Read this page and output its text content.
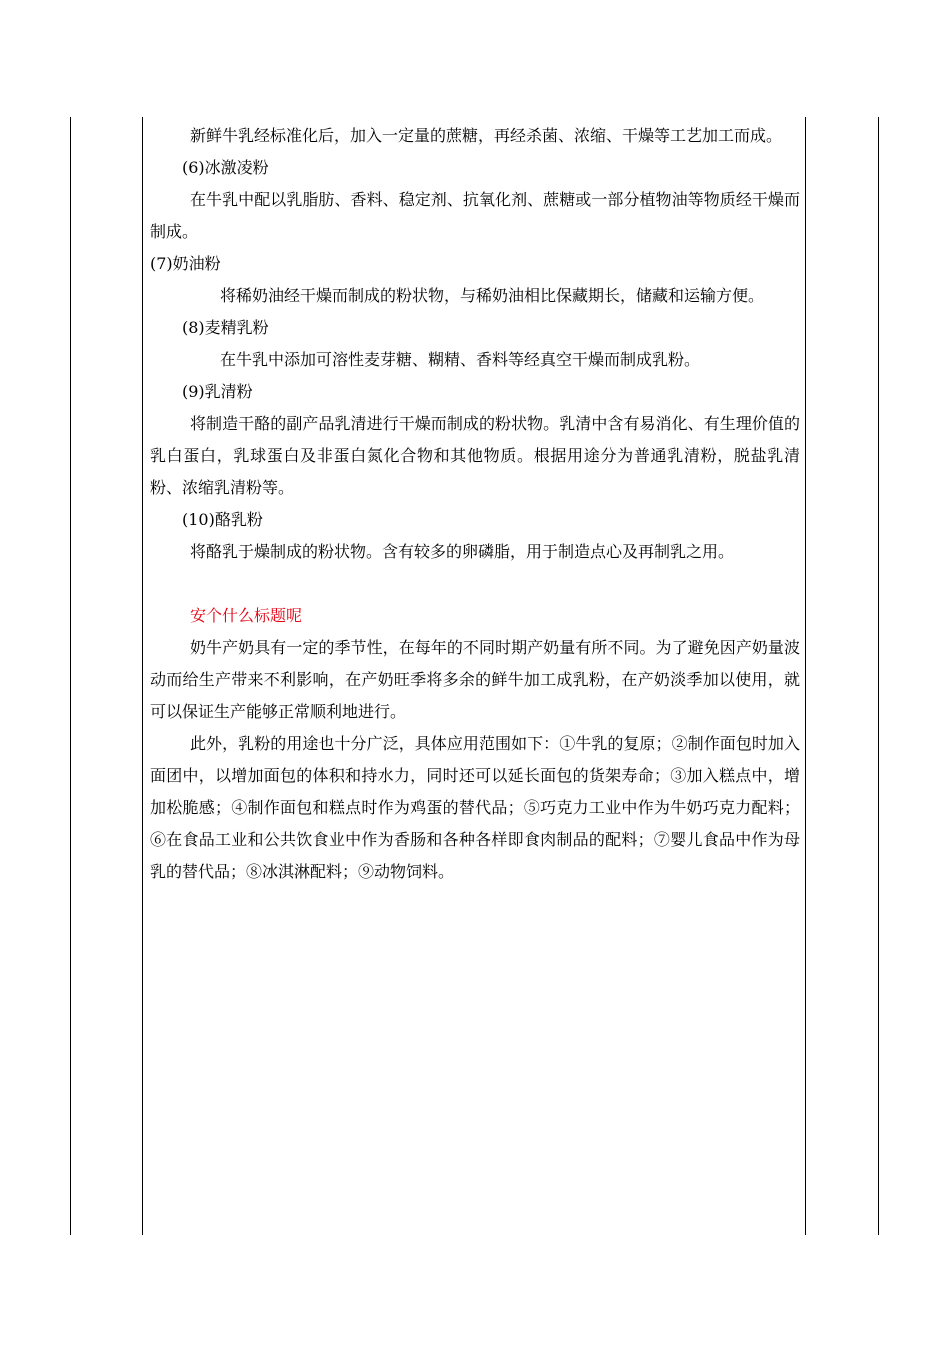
新鲜牛乳经标准化后，加入一定量的蔗糖，再经杀菌、浓缩、干燥等工艺加工而成。

(6)冰激凌粉

在牛乳中配以乳脂肪、香料、稳定剂、抗氧化剂、蔗糖或一部分植物油等物质经干燥而制成。

(7)奶油粉

将稀奶油经干燥而制成的粉状物，与稀奶油相比保藏期长，储藏和运输方便。

(8)麦精乳粉

在牛乳中添加可溶性麦芽糖、糊精、香料等经真空干燥而制成乳粉。

(9)乳清粉

将制造干酪的副产品乳清进行干燥而制成的粉状物。乳清中含有易消化、有生理价值的乳白蛋白，乳球蛋白及非蛋白氮化合物和其他物质。根据用途分为普通乳清粉，脱盐乳清粉、浓缩乳清粉等。

(10)酪乳粉

将酪乳于燥制成的粉状物。含有较多的卵磷脂，用于制造点心及再制乳之用。

安个什么标题呢

奶牛产奶具有一定的季节性，在每年的不同时期产奶量有所不同。为了避免因产奶量波动而给生产带来不利影响，在产奶旺季将多余的鲜牛加工成乳粉，在产奶淡季加以使用，就可以保证生产能够正常顺利地进行。

此外，乳粉的用途也十分广泛，具体应用范围如下：①牛乳的复原；②制作面包时加入面团中，以增加面包的体积和持水力，同时还可以延长面包的货架寿命；③加入糕点中，增加松脆感；④制作面包和糕点时作为鸡蛋的替代品；⑤巧克力工业中作为牛奶巧克力配料；⑥在食品工业和公共饮食业中作为香肠和各种各样即食肉制品的配料；⑦婴儿食品中作为母乳的替代品；⑧冰淇淋配料；⑨动物饲料。
